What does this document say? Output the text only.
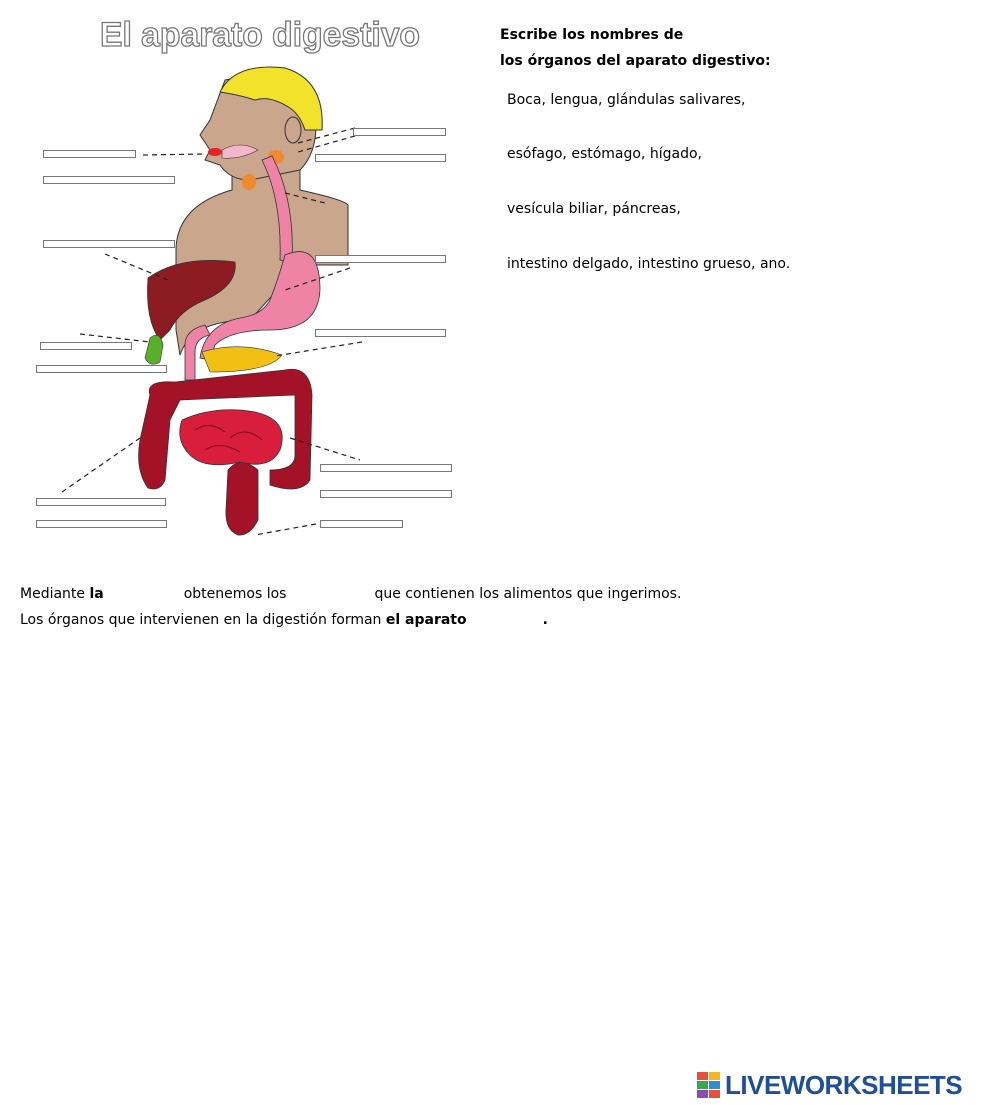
El aparato digestivo	Escribe los nombres de
los órganos del aparato digestivo:
Boca, lengua, glándulas salivares,
esófago, estómago, hígado,
vesícula biliar, páncreas,
intestino delgado, intestino grueso, ano.
Mediante la	obtenemos los	que contienen los alimentos que ingerimos.
Los órganos que intervienen en la digestión forman el aparato	.
LIVEWORKSHEETS
